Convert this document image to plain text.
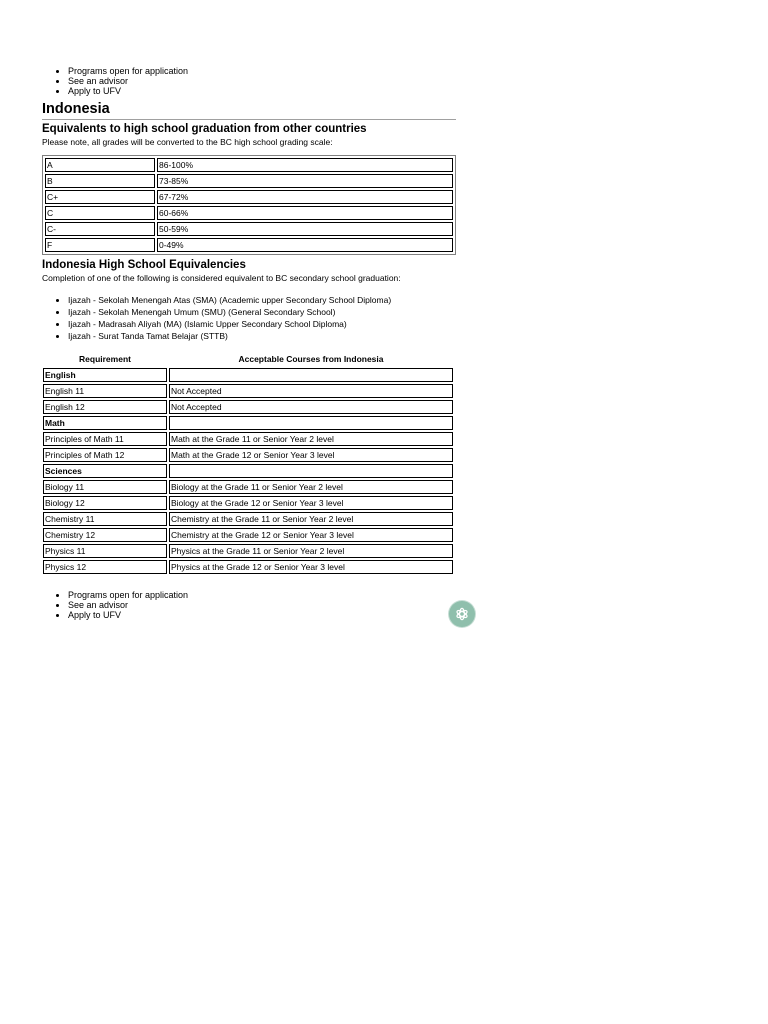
• Programs open for application
• See an advisor
• Apply to UFV
Indonesia
Equivalents to high school graduation from other countries

Please note, all grades will be converted to the BC high school grading scale:

A	86-100%
B	73-85%
C+	67-72%
C	60-66%
C-	50-59%
F	0-49%
Indonesia High School Equivalencies

Completion of one of the following is considered equivalent to BC secondary school graduation:

• Ijazah - Sekolah Menengah Atas (SMA) (Academic upper Secondary School Diploma)
• Ijazah - Sekolah Menengah Umum (SMU) (General Secondary School)
• Ijazah - Madrasah Aliyah (MA) (Islamic Upper Secondary School Diploma)
• Ijazah - Surat Tanda Tamat Belajar (STTB)
Requirement	Acceptable Courses from Indonesia
English	
English 11	Not Accepted
English 12	Not Accepted
Math	
Principles of Math 11	Math at the Grade 11 or Senior Year 2 level
Principles of Math 12	Math at the Grade 12 or Senior Year 3 level
Sciences	
Biology 11	Biology at the Grade 11 or Senior Year 2 level
Biology 12	Biology at the Grade 12 or Senior Year 3 level
Chemistry 11	Chemistry at the Grade 11 or Senior Year 2 level
Chemistry 12	Chemistry at the Grade 12 or Senior Year 3 level
Physics 11	Physics at the Grade 11 or Senior Year 2 level
Physics 12	Physics at the Grade 12 or Senior Year 3 level
• Programs open for application
• See an advisor
• Apply to UFV
